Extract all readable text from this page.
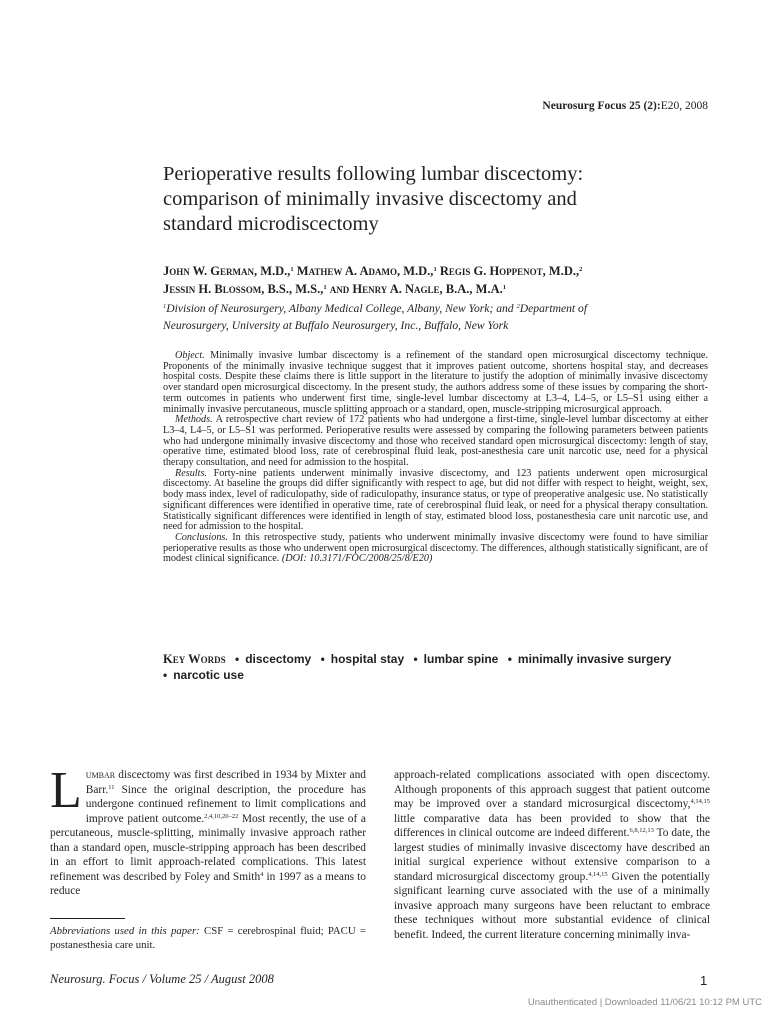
Neurosurg Focus 25 (2):E20, 2008
Perioperative results following lumbar discectomy:
comparison of minimally invasive discectomy and
standard microdiscectomy
John W. German, M.D.,$^1$ Mathew A. Adamo, M.D.,$^1$ Regis G. Hoppenot, M.D.,$^2$
Jessin H. Blossom, B.S., M.S.,$^1$ and Henry A. Nagle, B.A., M.A.$^1$
$^1$Division of Neurosurgery, Albany Medical College, Albany, New York; and $^2$Department of
Neurosurgery, University at Buffalo Neurosurgery, Inc., Buffalo, New York

Object. Minimally invasive lumbar discectomy is a refinement of the standard open microsurgical discectomy technique. Proponents of the minimally invasive technique suggest that it improves patient outcome, shortens hospital stay, and decreases hospital costs. Despite these claims there is little support in the literature to justify the adoption of minimally invasive discectomy over standard open microsurgical discectomy. In the present study, the authors address some of these issues by comparing the short-term outcomes in patients who underwent first time, single-level lumbar discectomy at L3–4, L4–5, or L5–S1 using either a minimally invasive percutaneous, muscle splitting approach or a standard, open, muscle-stripping microsurgical approach.

Methods. A retrospective chart review of 172 patients who had undergone a first-time, single-level lumbar discectomy at either L3–4, L4–5, or L5–S1 was performed. Perioperative results were assessed by comparing the following parameters between patients who had undergone minimally invasive discectomy and those who received standard open microsurgical discectomy: length of stay, operative time, estimated blood loss, rate of cerebrospinal fluid leak, post-anesthesia care unit narcotic use, need for a physical therapy consultation, and need for admission to the hospital.

Results. Forty-nine patients underwent minimally invasive discectomy, and 123 patients underwent open microsurgical discectomy. At baseline the groups did differ significantly with respect to age, but did not differ with respect to height, weight, sex, body mass index, level of radiculopathy, side of radiculopathy, insurance status, or type of preoperative analgesic use. No statistically significant differences were identified in operative time, rate of cerebrospinal fluid leak, or need for a physical therapy consultation. Statistically significant differences were identified in length of stay, estimated blood loss, postanesthesia care unit narcotic use, and need for admission to the hospital.

Conclusions. In this retrospective study, patients who underwent minimally invasive discectomy were found to have similiar perioperative results as those who underwent open microsurgical discectomy. The differences, although statistically significant, are of modest clinical significance. (DOI: 10.3171/FOC/2008/25/8/E20)

Key Words • discectomy • hospital stay • lumbar spine • minimally invasive surgery
• narcotic use

Lumbar discectomy was first described in 1934 by Mixter and Barr.$^{11}$ Since the original description, the procedure has undergone continued refinement to limit complications and improve patient outcome.$^{2,4,10,20-22}$ Most recently, the use of a percutaneous, muscle-splitting, minimally invasive approach rather than a standard open, muscle-stripping approach has been described in an effort to limit approach-related complications. This latest refinement was described by Foley and Smith$^4$ in 1997 as a means to reduce

approach-related complications associated with open discectomy. Although proponents of this approach suggest that patient outcome may be improved over a standard microsurgical discectomy,$^{4,14,15}$ little comparative data has been provided to show that the differences in clinical outcome are indeed different.$^{6,8,12,13}$ To date, the largest studies of minimally invasive discectomy have described an initial surgical experience without extensive comparison to a standard microsurgical discectomy group.$^{4,14,15}$ Given the potentially significant learning curve associated with the use of a minimally invasive approach many surgeons have been reluctant to embrace these techniques without more substantial evidence of clinical benefit. Indeed, the current literature concerning minimally inva-

Abbreviations used in this paper: CSF = cerebrospinal fluid; PACU = postanesthesia care unit.
Neurosurg. Focus / Volume 25 / August 2008	1
Unauthenticated | Downloaded 11/06/21 10:12 PM UTC
